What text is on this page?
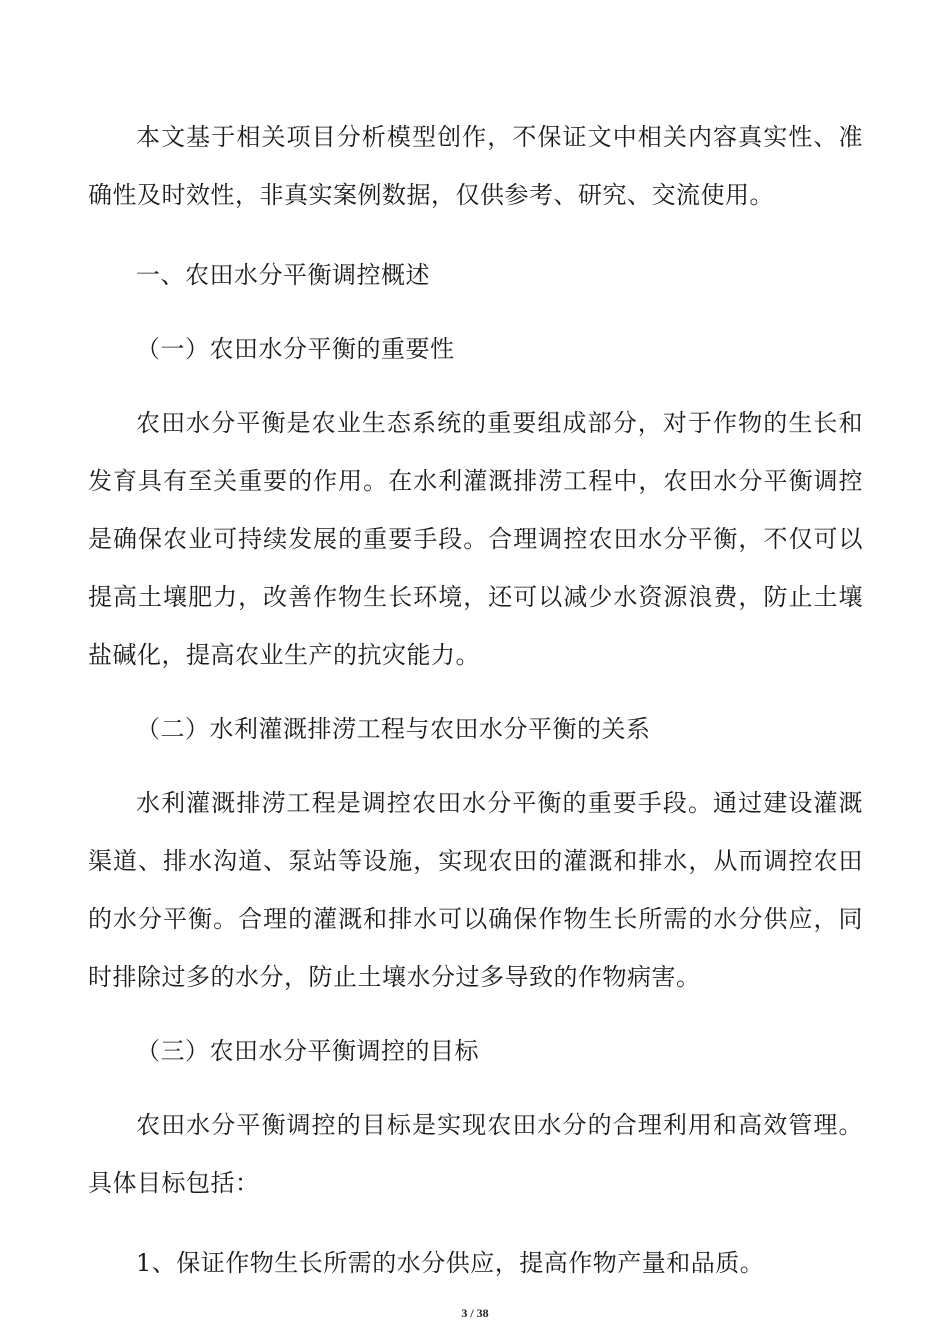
本文基于相关项目分析模型创作，不保证文中相关内容真实性、准确性及时效性，非真实案例数据，仅供参考、研究、交流使用。

一、农田水分平衡调控概述

（一）农田水分平衡的重要性

农田水分平衡是农业生态系统的重要组成部分，对于作物的生长和发育具有至关重要的作用。在水利灌溉排涝工程中，农田水分平衡调控是确保农业可持续发展的重要手段。合理调控农田水分平衡，不仅可以提高土壤肥力，改善作物生长环境，还可以减少水资源浪费，防止土壤盐碱化，提高农业生产的抗灾能力。

（二）水利灌溉排涝工程与农田水分平衡的关系

水利灌溉排涝工程是调控农田水分平衡的重要手段。通过建设灌溉渠道、排水沟道、泵站等设施，实现农田的灌溉和排水，从而调控农田的水分平衡。合理的灌溉和排水可以确保作物生长所需的水分供应，同时排除过多的水分，防止土壤水分过多导致的作物病害。

（三）农田水分平衡调控的目标

农田水分平衡调控的目标是实现农田水分的合理利用和高效管理。具体目标包括：

1、保证作物生长所需的水分供应，提高作物产量和品质。

3 / 38
